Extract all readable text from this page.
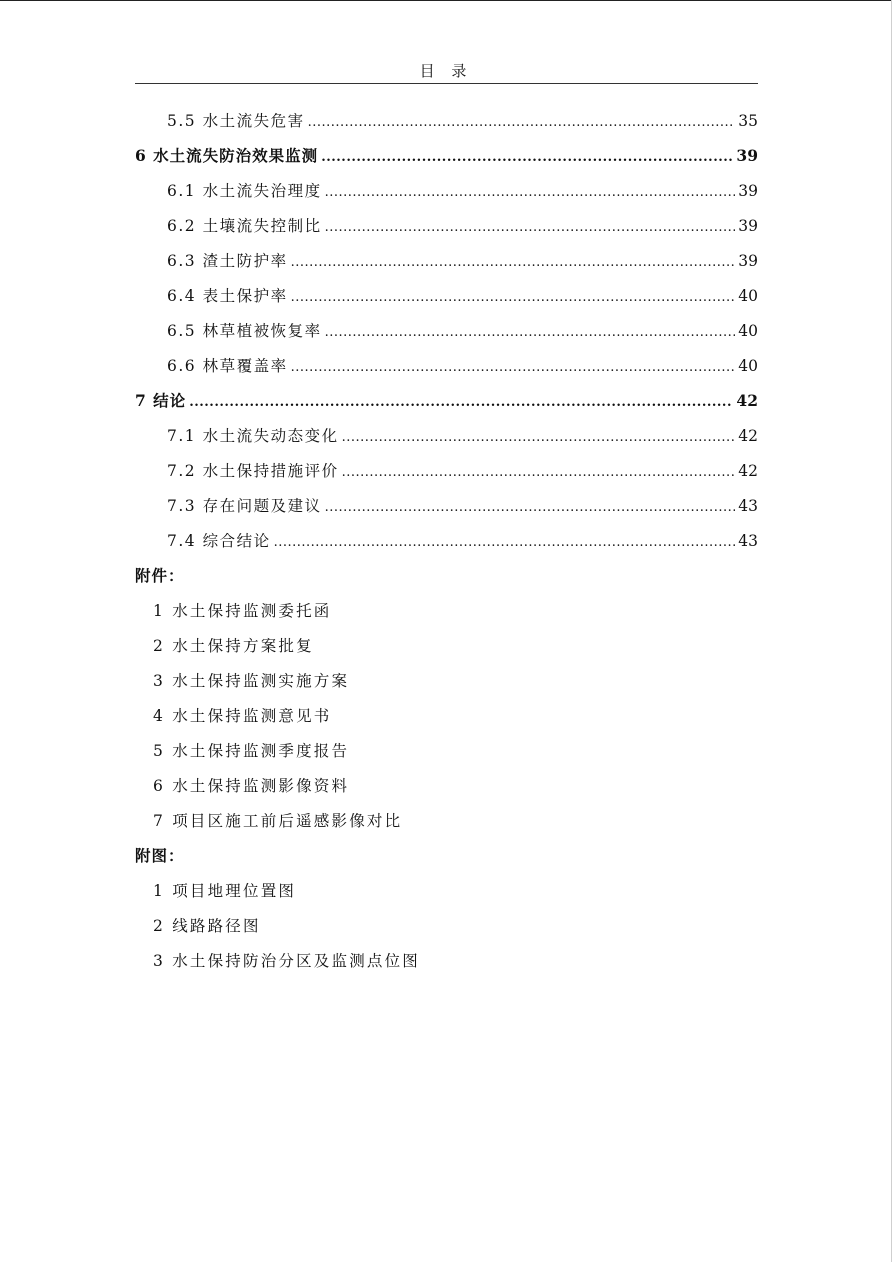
目 录
5.5 水土流失危害 .....	35
6 水土流失防治效果监测 .....	39
6.1 水土流失治理度 .....	39
6.2 土壤流失控制比 .....	39
6.3 渣土防护率 .....	39
6.4 表土保护率 .....	40
6.5 林草植被恢复率 .....	40
6.6 林草覆盖率 .....	40
7 结论 .....	42
7.1 水土流失动态变化 .....	42
7.2 水土保持措施评价 .....	42
7.3 存在问题及建议 .....	43
7.4 综合结论 .....	43
附件：
1 水土保持监测委托函
2 水土保持方案批复
3 水土保持监测实施方案
4 水土保持监测意见书
5 水土保持监测季度报告
6 水土保持监测影像资料
7 项目区施工前后遥感影像对比
附图：
1 项目地理位置图
2 线路路径图
3 水土保持防治分区及监测点位图
